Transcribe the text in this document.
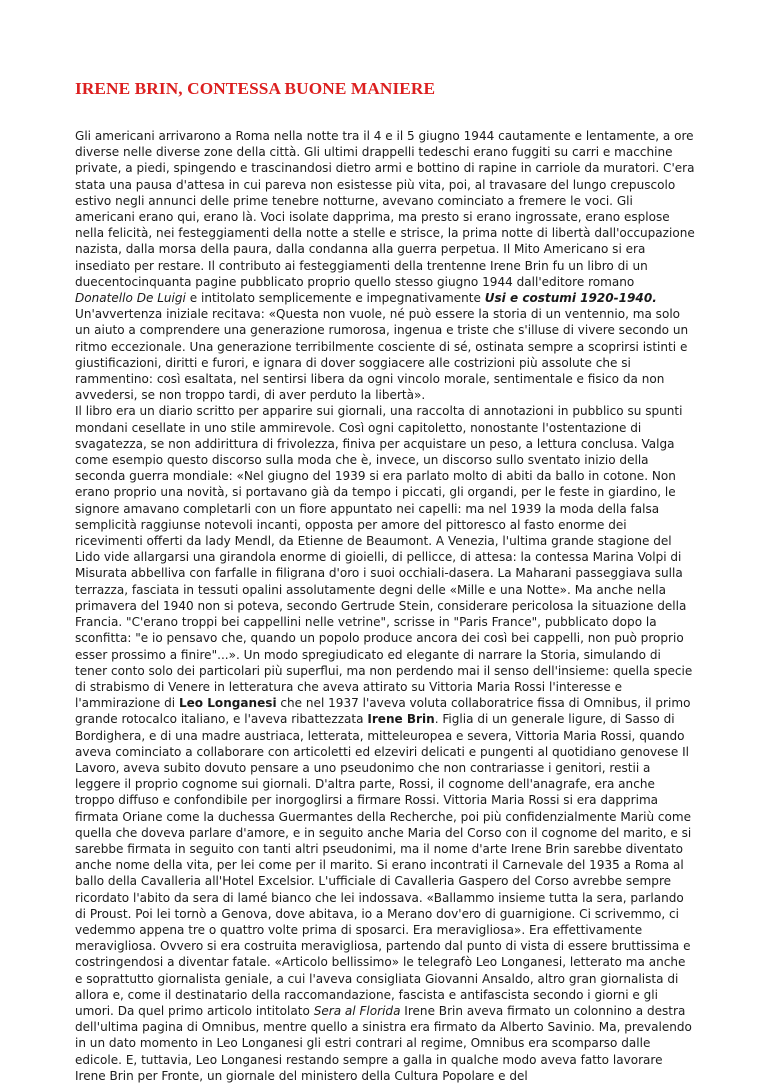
IRENE BRIN, CONTESSA BUONE MANIERE

Gli americani arrivarono a Roma nella notte tra il 4 e il 5 giugno 1944 cautamente e lentamente, a ore diverse nelle diverse zone della città. Gli ultimi drappelli tedeschi erano fuggiti su carri e macchine private, a piedi, spingendo e trascinandosi dietro armi e bottino di rapine in carriole da muratori. C'era stata una pausa d'attesa in cui pareva non esistesse più vita, poi, al travasare del lungo crepuscolo estivo negli annunci delle prime tenebre notturne, avevano cominciato a fremere le voci. Gli americani erano qui, erano là. Voci isolate dapprima, ma presto si erano ingrossate, erano esplose nella felicità, nei festeggiamenti della notte a stelle e strisce, la prima notte di libertà dall'occupazione nazista, dalla morsa della paura, dalla condanna alla guerra perpetua. Il Mito Americano si era insediato per restare. Il contributo ai festeggiamenti della trentenne Irene Brin fu un libro di un duecentocinquanta pagine pubblicato proprio quello stesso giugno 1944 dall'editore romano Donatello De Luigi e intitolato semplicemente e impegnativamente Usi e costumi 1920-1940. Un'avvertenza iniziale recitava: «Questa non vuole, né può essere la storia di un ventennio, ma solo un aiuto a comprendere una generazione rumorosa, ingenua e triste che s'illuse di vivere secondo un ritmo eccezionale. Una generazione terribilmente cosciente di sé, ostinata sempre a scoprirsi istinti e giustificazioni, diritti e furori, e ignara di dover soggiacere alle costrizioni più assolute che si rammentino: così esaltata, nel sentirsi libera da ogni vincolo morale, sentimentale e fisico da non avvedersi, se non troppo tardi, di aver perduto la libertà».
Il libro era un diario scritto per apparire sui giornali, una raccolta di annotazioni in pubblico su spunti mondani cesellate in uno stile ammirevole. Così ogni capitoletto, nonostante l'ostentazione di svagatezza, se non addirittura di frivolezza, finiva per acquistare un peso, a lettura conclusa. Valga come esempio questo discorso sulla moda che è, invece, un discorso sullo sventato inizio della seconda guerra mondiale: «Nel giugno del 1939 si era parlato molto di abiti da ballo in cotone. Non erano proprio una novità, si portavano già da tempo i piccati, gli organdi, per le feste in giardino, le signore amavano completarli con un fiore appuntato nei capelli: ma nel 1939 la moda della falsa semplicità raggiunse notevoli incanti, opposta per amore del pittoresco al fasto enorme dei ricevimenti offerti da lady Mendl, da Etienne de Beaumont. A Venezia, l'ultima grande stagione del Lido vide allargarsi una girandola enorme di gioielli, di pellicce, di attesa: la contessa Marina Volpi di Misurata abbelliva con farfalle in filigrana d'oro i suoi occhiali-dasera. La Maharani passeggiava sulla terrazza, fasciata in tessuti opalini assolutamente degni delle «Mille e una Notte». Ma anche nella primavera del 1940 non si poteva, secondo Gertrude Stein, considerare pericolosa la situazione della Francia. "C'erano troppi bei cappellini nelle vetrine", scrisse in "Paris France", pubblicato dopo la sconfitta: "e io pensavo che, quando un popolo produce ancora dei così bei cappelli, non può proprio esser prossimo a finire"...». Un modo spregiudicato ed elegante di narrare la Storia, simulando di tener conto solo dei particolari più superflui, ma non perdendo mai il senso dell'insieme: quella specie di strabismo di Venere in letteratura che aveva attirato su Vittoria Maria Rossi l'interesse e l'ammirazione di Leo Longanesi che nel 1937 l'aveva voluta collaboratrice fissa di Omnibus, il primo grande rotocalco italiano, e l'aveva ribattezzata Irene Brin. Figlia di un generale ligure, di Sasso di Bordighera, e di una madre austriaca, letterata, mitteleuropea e severa, Vittoria Maria Rossi, quando aveva cominciato a collaborare con articoletti ed elzeviri delicati e pungenti al quotidiano genovese Il Lavoro, aveva subito dovuto pensare a uno pseudonimo che non contrariasse i genitori, restii a leggere il proprio cognome sui giornali. D'altra parte, Rossi, il cognome dell'anagrafe, era anche troppo diffuso e confondibile per inorgoglirsi a firmare Rossi. Vittoria Maria Rossi si era dapprima firmata Oriane come la duchessa Guermantes della Recherche, poi più confidenzialmente Mariù come quella che doveva parlare d'amore, e in seguito anche Maria del Corso con il cognome del marito, e si sarebbe firmata in seguito con tanti altri pseudonimi, ma il nome d'arte Irene Brin sarebbe diventato anche nome della vita, per lei come per il marito. Si erano incontrati il Carnevale del 1935 a Roma al ballo della Cavalleria all'Hotel Excelsior. L'ufficiale di Cavalleria Gaspero del Corso avrebbe sempre ricordato l'abito da sera di lamé bianco che lei indossava. «Ballammo insieme tutta la sera, parlando di Proust. Poi lei tornò a Genova, dove abitava, io a Merano dov'ero di guarnigione. Ci scrivemmo, ci vedemmo appena tre o quattro volte prima di sposarci. Era meravigliosa». Era effettivamente meravigliosa. Ovvero si era costruita meravigliosa, partendo dal punto di vista di essere bruttissima e costringendosi a diventar fatale. «Articolo bellissimo» le telegrafò Leo Longanesi, letterato ma anche e soprattutto giornalista geniale, a cui l'aveva consigliata Giovanni Ansaldo, altro gran giornalista di allora e, come il destinatario della raccomandazione, fascista e antifascista secondo i giorni e gli umori. Da quel primo articolo intitolato Sera al Florida Irene Brin aveva firmato un colonnino a destra dell'ultima pagina di Omnibus, mentre quello a sinistra era firmato da Alberto Savinio. Ma, prevalendo in un dato momento in Leo Longanesi gli estri contrari al regime, Omnibus era scomparso dalle edicole. E, tuttavia, Leo Longanesi restando sempre a galla in qualche modo aveva fatto lavorare Irene Brin per Fronte, un giornale del ministero della Cultura Popolare e del
